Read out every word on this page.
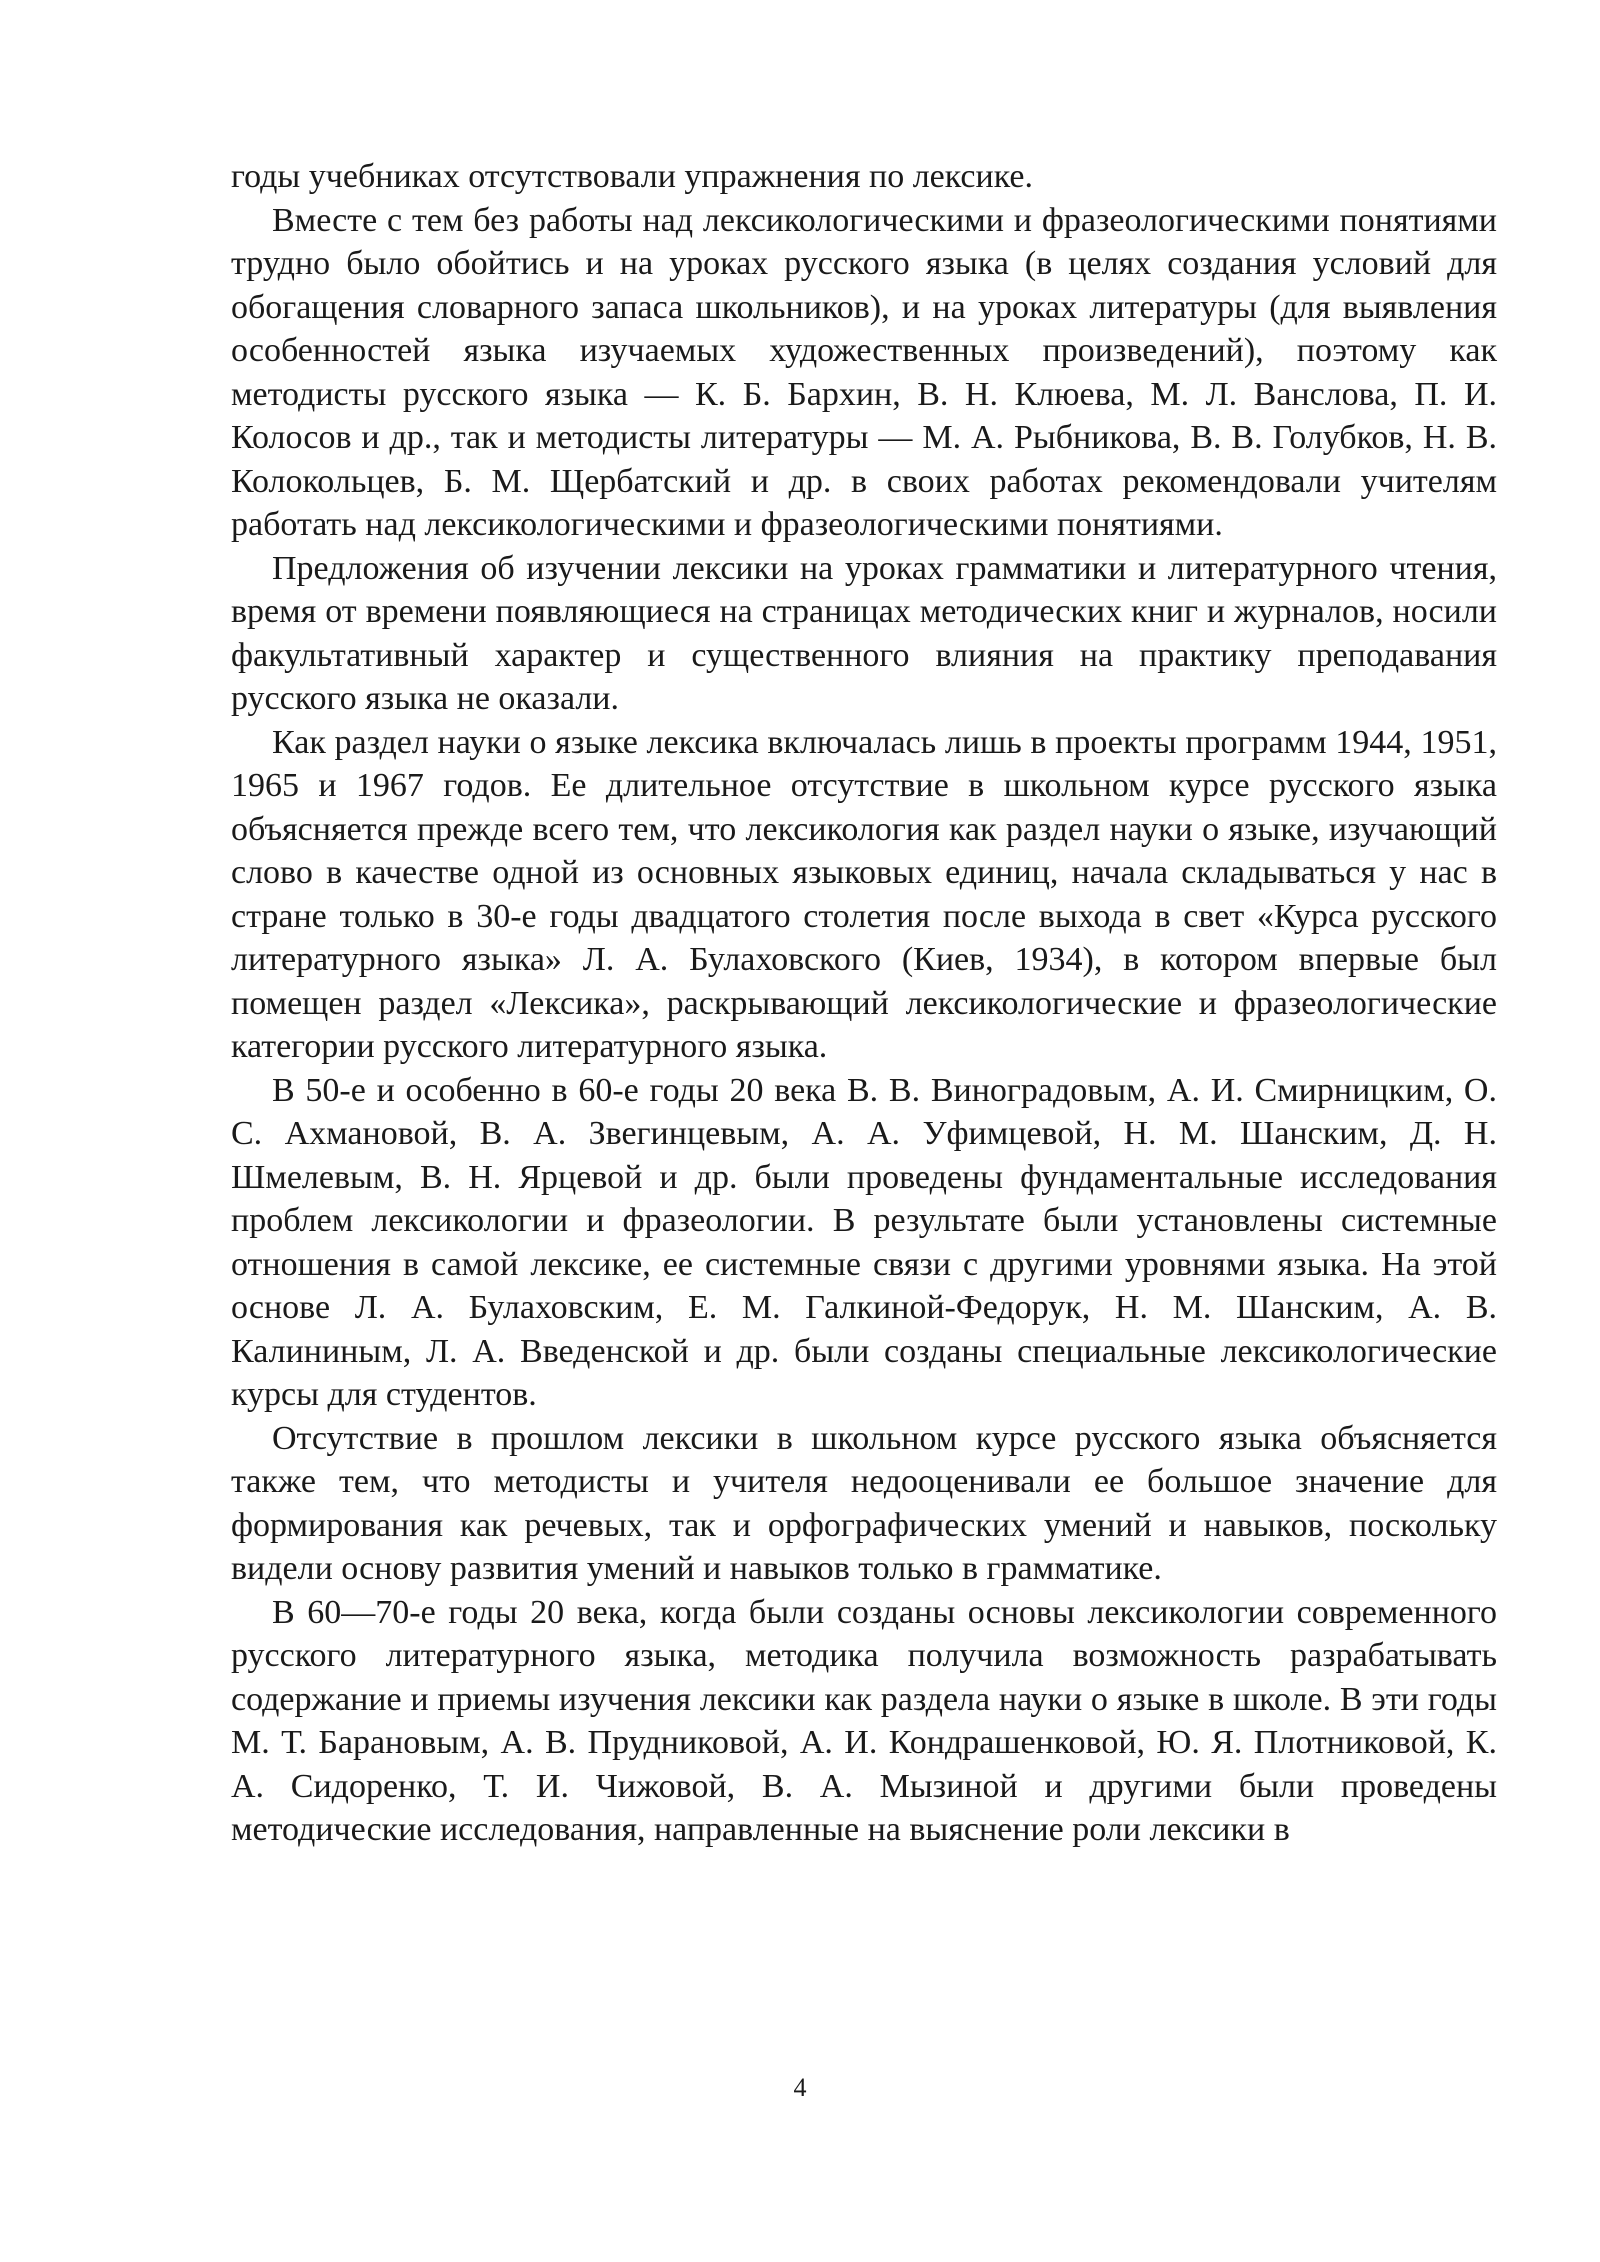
годы учебниках отсутствовали упражнения по лексике.

Вместе с тем без работы над лексикологическими и фразеологическими понятиями трудно было обойтись и на уроках русского языка (в целях создания условий для обогащения словарного запаса школьников), и на уроках литературы (для выявления особенностей языка изучаемых художественных произведений), поэтому как методисты русского языка — К. Б. Бархин, В. Н. Клюева, М. Л. Ванслова, П. И. Колосов и др., так и методисты литературы — М. А. Рыбникова, В. В. Голубков, Н. В. Колокольцев, Б. М. Щербатский и др. в своих работах рекомендовали учителям работать над лексикологическими и фразеологическими понятиями.

Предложения об изучении лексики на уроках грамматики и литературного чтения, время от времени появляющиеся на страницах методических книг и журналов, носили факультативный характер и существенного влияния на практику преподавания русского языка не оказали.

Как раздел науки о языке лексика включалась лишь в проекты программ 1944, 1951, 1965 и 1967 годов. Ее длительное отсутствие в школьном курсе русского языка объясняется прежде всего тем, что лексикология как раздел науки о языке, изучающий слово в качестве одной из основных языковых единиц, начала складываться у нас в стране только в 30-е годы двадцатого столетия после выхода в свет «Курса русского литературного языка» Л. А. Булаховского (Киев, 1934), в котором впервые был помещен раздел «Лексика», раскрывающий лексикологические и фразеологические категории русского литературного языка.

В 50-е и особенно в 60-е годы 20 века В. В. Виноградовым, А. И. Смирницким, О. С. Ахмановой, В. А. Звегинцевым, А. А. Уфимцевой, Н. М. Шанским, Д. Н. Шмелевым, В. Н. Ярцевой и др. были проведены фундаментальные исследования проблем лексикологии и фразеологии. В результате были установлены системные отношения в самой лексике, ее системные связи с другими уровнями языка. На этой основе Л. А. Булаховским, Е. М. Галкиной-Федорук, Н. М. Шанским, А. В. Калининым, Л. А. Введенской и др. были созданы специальные лексикологические курсы для студентов.

Отсутствие в прошлом лексики в школьном курсе русского языка объясняется также тем, что методисты и учителя недооценивали ее большое значение для формирования как речевых, так и орфографических умений и навыков, поскольку видели основу развития умений и навыков только в грамматике.

В 60—70-е годы 20 века, когда были созданы основы лексикологии современного русского литературного языка, методика получила возможность разрабатывать содержание и приемы изучения лексики как раздела науки о языке в школе. В эти годы М. Т. Барановым, А. В. Прудниковой, А. И. Кондрашенковой, Ю. Я. Плотниковой, К. А. Сидоренко, Т. И. Чижовой, В. А. Мызиной и другими были проведены методические исследования, направленные на выяснение роли лексики в

4
